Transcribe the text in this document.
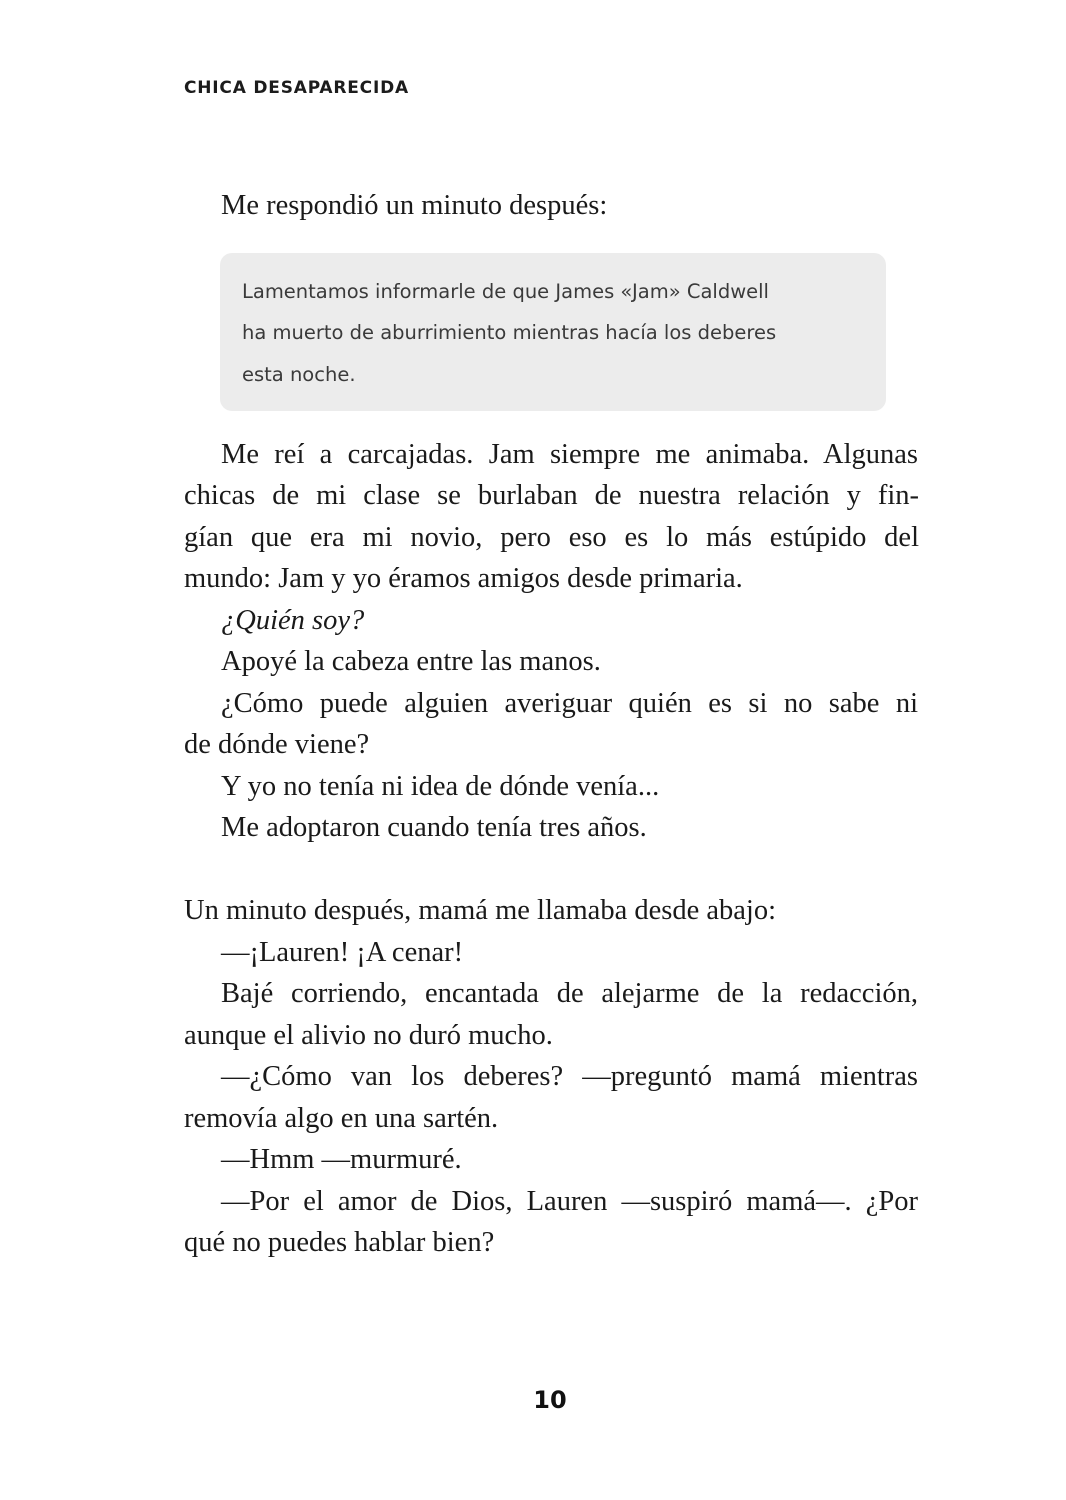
CHICA DESAPARECIDA
Me respondió un minuto después:
Lamentamos informarle de que James «Jam» Caldwell
ha muerto de aburrimiento mientras hacía los deberes
esta noche.
Me reí a carcajadas. Jam siempre me animaba. Algunas
chicas de mi clase se burlaban de nuestra relación y fin-
gían que era mi novio, pero eso es lo más estúpido del
mundo: Jam y yo éramos amigos desde primaria.
¿Quién soy?
Apoyé la cabeza entre las manos.
¿Cómo puede alguien averiguar quién es si no sabe ni
de dónde viene?
Y yo no tenía ni idea de dónde venía...
Me adoptaron cuando tenía tres años.
Un minuto después, mamá me llamaba desde abajo:
—¡Lauren! ¡A cenar!
Bajé corriendo, encantada de alejarme de la redacción,
aunque el alivio no duró mucho.
—¿Cómo van los deberes? —preguntó mamá mientras
removía algo en una sartén.
—Hmm —murmuré.
—Por el amor de Dios, Lauren —suspiró mamá—. ¿Por
qué no puedes hablar bien?
10
